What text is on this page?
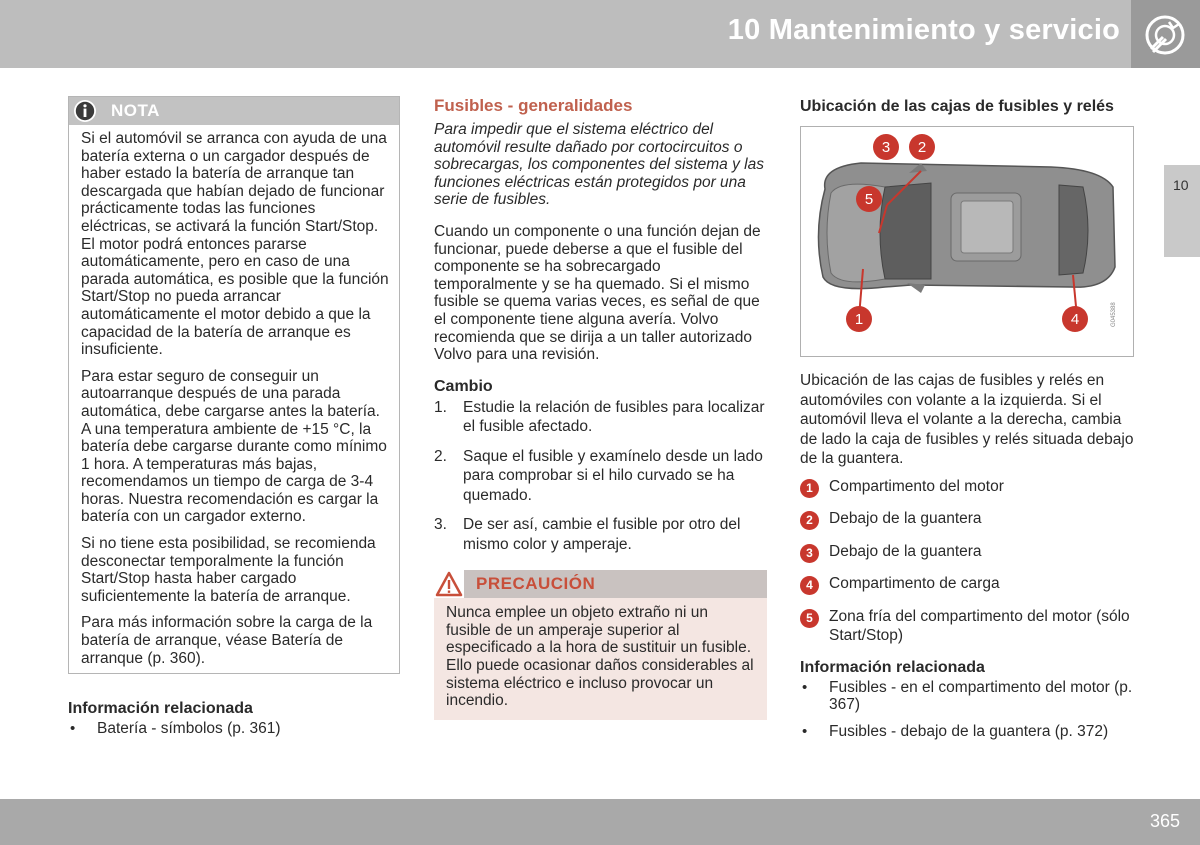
10 Mantenimiento y servicio
10
NOTA

Si el automóvil se arranca con ayuda de una batería externa o un cargador después de haber estado la batería de arranque tan descargada que habían dejado de funcionar prácticamente todas las funciones eléctricas, se activará la función Start/Stop. El motor podrá entonces pararse automáticamente, pero en caso de una parada automática, es posible que la función Start/Stop no pueda arrancar automáticamente el motor debido a que la capacidad de la batería de arranque es insuficiente.

Para estar seguro de conseguir un autoarranque después de una parada automática, debe cargarse antes la batería. A una temperatura ambiente de +15 °C, la batería debe cargarse durante como mínimo 1 hora. A temperaturas más bajas, recomendamos un tiempo de carga de 3-4 horas. Nuestra recomendación es cargar la batería con un cargador externo.

Si no tiene esta posibilidad, se recomienda desconectar temporalmente la función Start/Stop hasta haber cargado suficientemente la batería de arranque.

Para más información sobre la carga de la batería de arranque, véase Batería de arranque (p. 360).

Información relacionada
• Batería - símbolos (p. 361)
Fusibles - generalidades

Para impedir que el sistema eléctrico del automóvil resulte dañado por cortocircuitos o sobrecargas, los componentes del sistema y las funciones eléctricas están protegidos por una serie de fusibles.

Cuando un componente o una función dejan de funcionar, puede deberse a que el fusible del componente se ha sobrecargado temporalmente y se ha quemado. Si el mismo fusible se quema varias veces, es señal de que el componente tiene alguna avería. Volvo recomienda que se dirija a un taller autorizado Volvo para una revisión.

Cambio
1. Estudie la relación de fusibles para localizar el fusible afectado.
2. Saque el fusible y examínelo desde un lado para comprobar si el hilo curvado se ha quemado.
3. De ser así, cambie el fusible por otro del mismo color y amperaje.
PRECAUCIÓN

Nunca emplee un objeto extraño ni un fusible de un amperaje superior al especificado a la hora de sustituir un fusible. Ello puede ocasionar daños considerables al sistema eléctrico e incluso provocar un incendio.

Ubicación de las cajas de fusibles y relés
1
2
3
4
5
G045388

Ubicación de las cajas de fusibles y relés en automóviles con volante a la izquierda. Si el automóvil lleva el volante a la derecha, cambia de lado la caja de fusibles y relés situada debajo de la guantera.

1	Compartimento del motor
2	Debajo de la guantera
3	Debajo de la guantera
4	Compartimento de carga
5	Zona fría del compartimento del motor (sólo Start/Stop)
Información relacionada
• Fusibles - en el compartimento del motor (p. 367)
• Fusibles - debajo de la guantera (p. 372)
365
